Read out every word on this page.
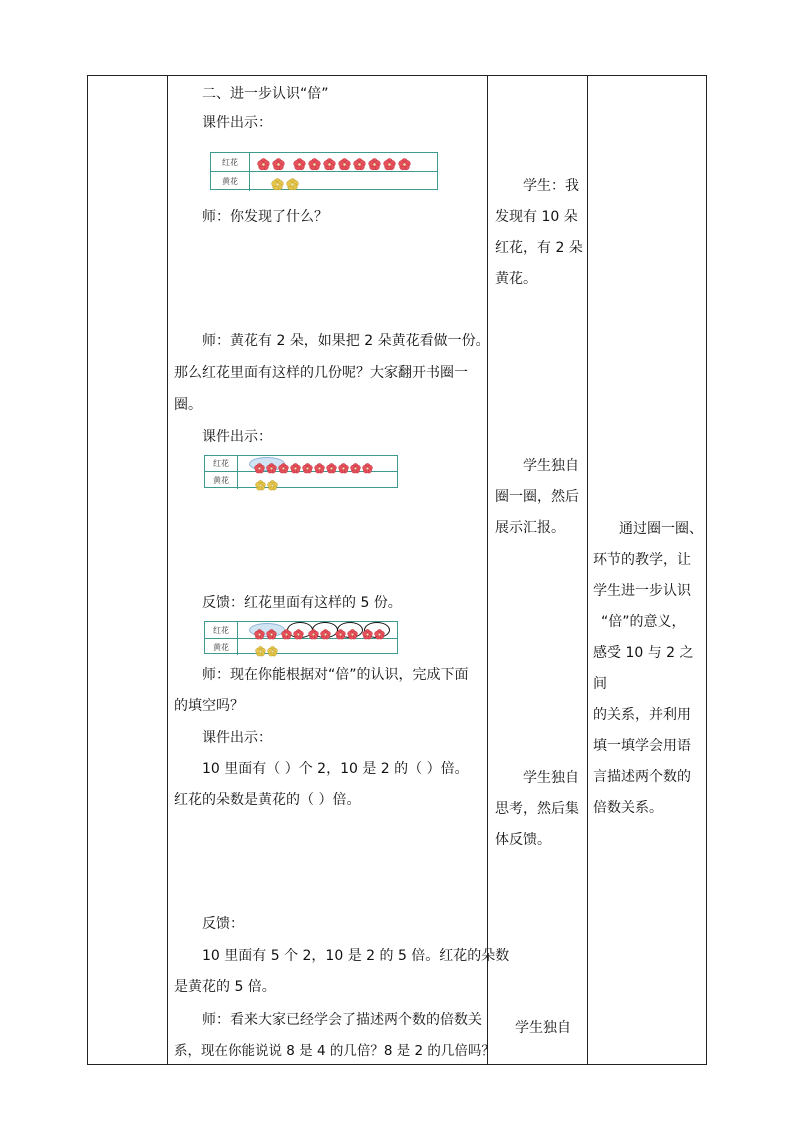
二、进一步认识“倍”
课件出示：
红花
黄花
师：你发现了什么？
师：黄花有 2 朵，如果把 2 朵黄花看做一份。
那么红花里面有这样的几份呢？大家翻开书圈一
圈。
课件出示：
红花
黄花
反馈：红花里面有这样的 5 份。
红花
黄花
师：现在你能根据对“倍”的认识，完成下面
的填空吗？
课件出示：
10 里面有（ ）个 2，10 是 2 的（ ）倍。
红花的朵数是黄花的（ ）倍。
反馈：
10 里面有 5 个 2，10 是 2 的 5 倍。红花的朵数
是黄花的 5 倍。
师：看来大家已经学会了描述两个数的倍数关
系，现在你能说说 8 是 4 的几倍？8 是 2 的几倍吗？
学生：我
发现有 10 朵
红花，有 2 朵
黄花。
学生独自
圈一圈，然后
展示汇报。
学生独自
思考，然后集
体反馈。
学生独自
通过圈一圈、
环节的教学，让
学生进一步认识
“倍”的意义，
感受 10 与 2 之间
的关系，并利用
填一填学会用语
言描述两个数的
倍数关系。
